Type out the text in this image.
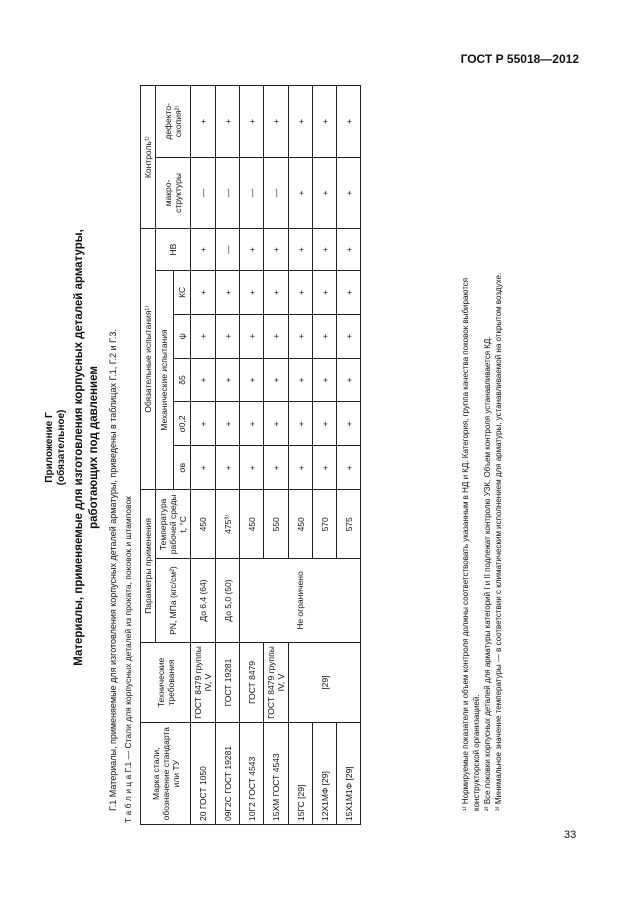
ГОСТ Р 55018—2012
Приложение Г (обязательное) Материалы, применяемые для изготовления корпусных деталей арматуры, работающих под давлением Г.1 Материалы, применяемые для изготовления корпусных деталей арматуры, приведены в таблицах Г.1, Г.2 и Г.3. Т а б л и ц а Г.1 — Стали для корпусных деталей из проката, поковок и штамповок Марка стали, обозначение стандарта или ТУ	Технические требования	Параметры применения		Обязательные испытания¹⁾						Контроль¹⁾	
		PN, МПа (кгс/см²)	Температура рабочей среды t, °С	Механические испытания					НВ	макро-структуры	дефекто-скопия²⁾
				σв	σ0,2	δ5	ψ	КС			
20 ГОСТ 1050	ГОСТ 8479 группы IV, V	До 6,4 (64)	450	+	+	+	+	+	+	—	+
09Г2С ГОСТ 19281	ГОСТ 19281	До 5,0 (50)	475³⁾	+	+	+	+	+	—	—	+
10Г2 ГОСТ 4543	ГОСТ 8479	Не ограничено	450	+	+	+	+	+	+	—	+
15ХМ ГОСТ 4543	ГОСТ 8479 группы IV, V		550	+	+	+	+	+	+	—	+
15ГС [29]	[29]		450	+	+	+	+	+	+	+	+
12Х1МФ [29]			570	+	+	+	+	+	+	+	+
15Х1М1Ф [29]			575	+	+	+	+	+	+	+	+
¹⁾ Нормируемые показатели и объем контроля должны соответствовать указанным в НД и КД. Категория, группа качества поковок выбираются конструкторской организацией. ²⁾ Все поковки корпусных деталей для арматуры категорий I и II подлежат контролю УЗК. Объем контроля устанавливается КД. ³⁾ Минимальное значение температуры — в соответствии с климатическим исполнением для арматуры, устанавливаемой на открытом воздухе.
33
